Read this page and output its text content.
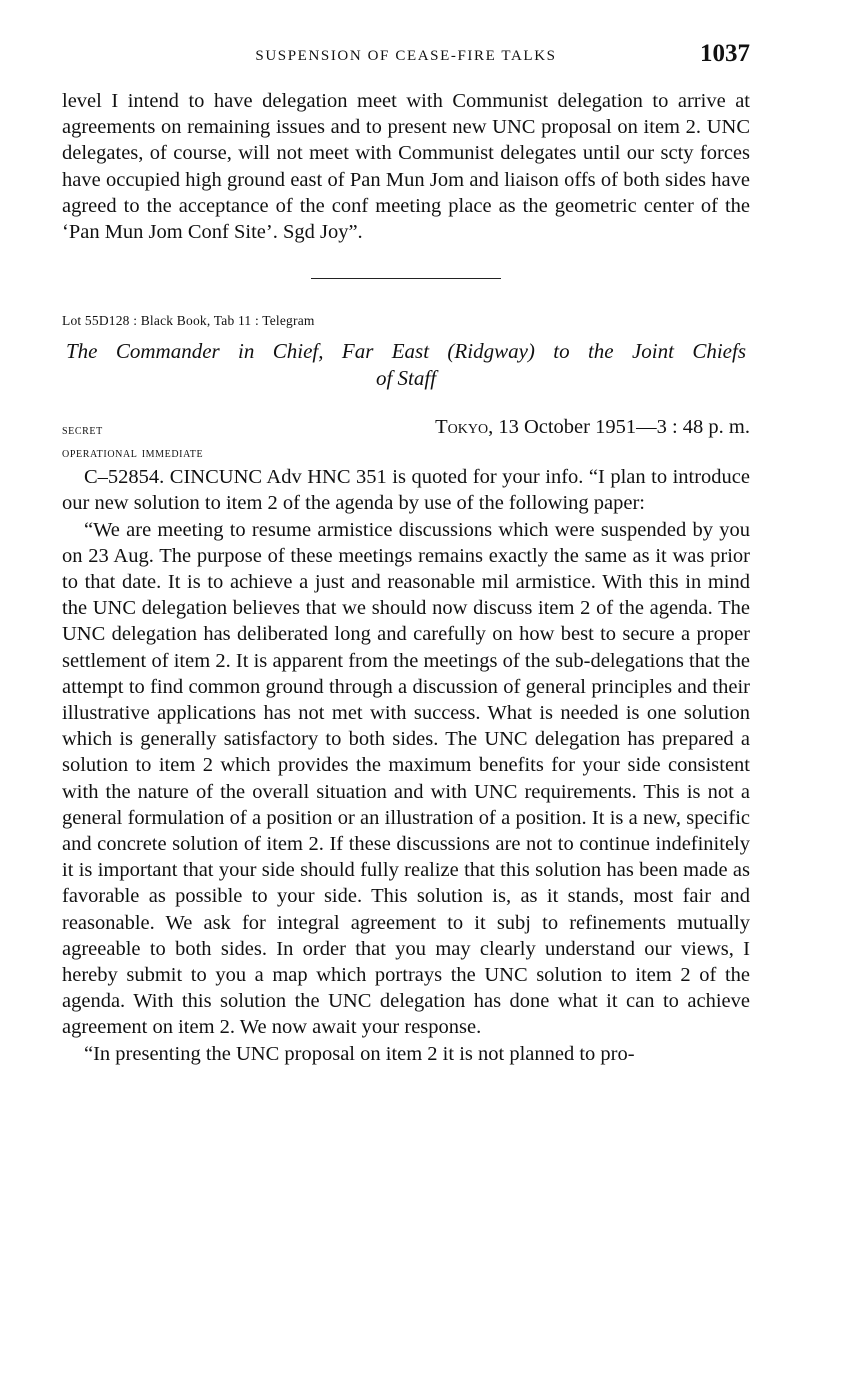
SUSPENSION OF CEASE-FIRE TALKS	1037

level I intend to have delegation meet with Communist delegation to arrive at agreements on remaining issues and to present new UNC proposal on item 2. UNC delegates, of course, will not meet with Communist delegates until our scty forces have occupied high ground east of Pan Mun Jom and liaison offs of both sides have agreed to the acceptance of the conf meeting place as the geometric center of the ‘Pan Mun Jom Conf Site’. Sgd Joy”.

Lot 55D128 : Black Book, Tab 11 : Telegram
The Commander in Chief, Far East (Ridgway) to the Joint Chiefs
of Staff
secret	Tokyo, 13 October 1951—3 : 48 p. m.
operational immediate

C–52854. CINCUNC Adv HNC 351 is quoted for your info. “I plan to introduce our new solution to item 2 of the agenda by use of the following paper:

“We are meeting to resume armistice discussions which were suspended by you on 23 Aug. The purpose of these meetings remains exactly the same as it was prior to that date. It is to achieve a just and reasonable mil armistice. With this in mind the UNC delegation believes that we should now discuss item 2 of the agenda. The UNC delegation has deliberated long and carefully on how best to secure a proper settlement of item 2. It is apparent from the meetings of the sub-delegations that the attempt to find common ground through a discussion of general principles and their illustrative applications has not met with success. What is needed is one solution which is generally satisfactory to both sides. The UNC delegation has prepared a solution to item 2 which provides the maximum benefits for your side consistent with the nature of the overall situation and with UNC requirements. This is not a general formulation of a position or an illustration of a position. It is a new, specific and concrete solution of item 2. If these discussions are not to continue indefinitely it is important that your side should fully realize that this solution has been made as favorable as possible to your side. This solution is, as it stands, most fair and reasonable. We ask for integral agreement to it subj to refinements mutually agreeable to both sides. In order that you may clearly understand our views, I hereby submit to you a map which portrays the UNC solution to item 2 of the agenda. With this solution the UNC delegation has done what it can to achieve agreement on item 2. We now await your response.

“In presenting the UNC proposal on item 2 it is not planned to pro-
